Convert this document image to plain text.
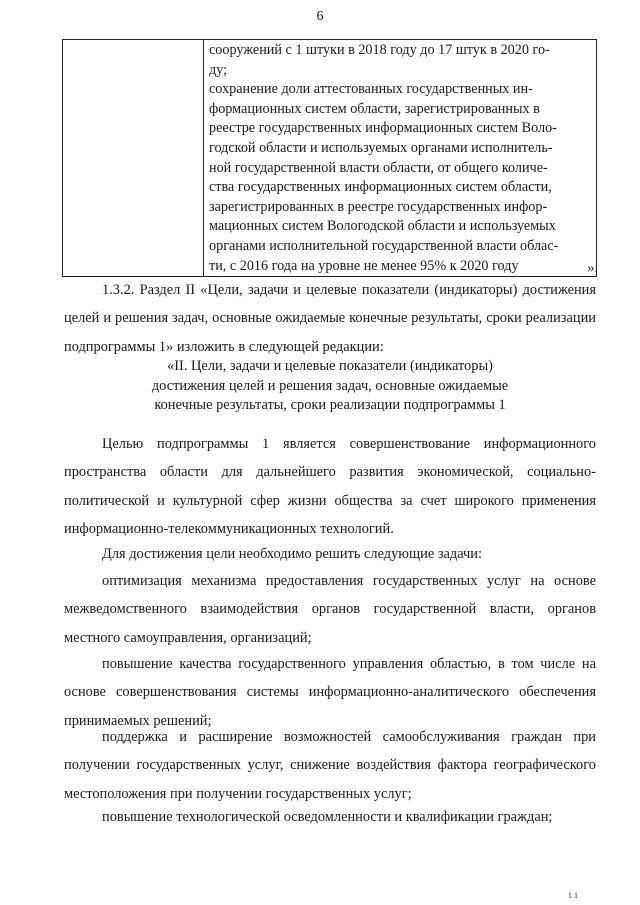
6

сооружений с 1 штуки в 2018 году до 17 штук в 2020 го-
ду;
сохранение доли аттестованных государственных ин-
формационных систем области, зарегистрированных в
реестре государственных информационных систем Воло-
годской области и используемых органами исполнитель-
ной государственной власти области, от общего количе-
ства государственных информационных систем области,
зарегистрированных в реестре государственных инфор-
мационных систем Вологодской области и используемых
органами исполнительной государственной власти облас-
ти, с 2016 года на уровне не менее 95% к 2020 году	».

1.3.2. Раздел II «Цели, задачи и целевые показатели (индикаторы) достижения целей и решения задач, основные ожидаемые конечные результаты, сроки реализации подпрограммы 1» изложить в следующей редакции:

«II. Цели, задачи и целевые показатели (индикаторы)
достижения целей и решения задач, основные ожидаемые
конечные результаты, сроки реализации подпрограммы 1

Целью подпрограммы 1 является совершенствование информационного пространства области для дальнейшего развития экономической, социально-политической и культурной сфер жизни общества за счет широкого применения информационно-телекоммуникационных технологий.

Для достижения цели необходимо решить следующие задачи:

оптимизация механизма предоставления государственных услуг на основе межведомственного взаимодействия органов государственной власти, органов местного самоуправления, организаций;

повышение качества государственного управления областью, в том числе на основе совершенствования системы информационно-аналитического обеспечения принимаемых решений;

поддержка и расширение возможностей самообслуживания граждан при получении государственных услуг, снижение воздействия фактора географического местоположения при получении государственных услуг;

повышение технологической осведомленности и квалификации граждан;

1 1
